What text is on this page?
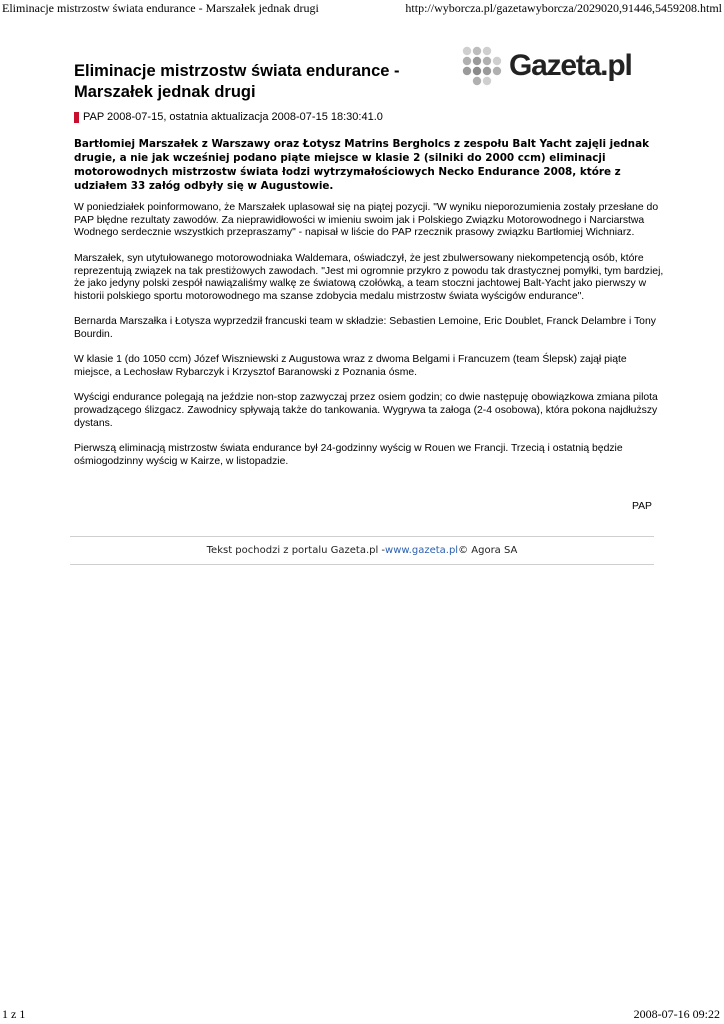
Eliminacje mistrzostw świata endurance - Marszałek jednak drugi	http://wyborcza.pl/gazetawyborcza/2029020,91446,5459208.html
Eliminacje mistrzostw świata endurance - Marszałek jednak drugi
Gazeta.pl
PAP 2008-07-15, ostatnia aktualizacja 2008-07-15 18:30:41.0

Bartłomiej Marszałek z Warszawy oraz Łotysz Matrins Bergholcs z zespołu Balt Yacht zajęli jednak drugie, a nie jak wcześniej podano piąte miejsce w klasie 2 (silniki do 2000 ccm) eliminacji motorowodnych mistrzostw świata łodzi wytrzymałościowych Necko Endurance 2008, które z udziałem 33 załóg odbyły się w Augustowie.

W poniedziałek poinformowano, że Marszałek uplasował się na piątej pozycji. "W wyniku nieporozumienia zostały przesłane do PAP błędne rezultaty zawodów. Za nieprawidłowości w imieniu swoim jak i Polskiego Związku Motorowodnego i Narciarstwa Wodnego serdecznie wszystkich przepraszamy" - napisał w liście do PAP rzecznik prasowy związku Bartłomiej Wichniarz.

Marszałek, syn utytułowanego motorowodniaka Waldemara, oświadczył, że jest zbulwersowany niekompetencją osób, które reprezentują związek na tak prestiżowych zawodach. "Jest mi ogromnie przykro z powodu tak drastycznej pomyłki, tym bardziej, że jako jedyny polski zespół nawiązaliśmy walkę ze światową czołówką, a team stoczni jachtowej Balt-Yacht jako pierwszy w historii polskiego sportu motorowodnego ma szanse zdobycia medalu mistrzostw świata wyścigów endurance".

Bernarda Marszałka i Łotysza wyprzedził francuski team w składzie: Sebastien Lemoine, Eric Doublet, Franck Delambre i Tony Bourdin.

W klasie 1 (do 1050 ccm) Józef Wiszniewski z Augustowa wraz z dwoma Belgami i Francuzem (team Ślepsk) zajął piąte miejsce, a Lechosław Rybarczyk i Krzysztof Baranowski z Poznania ósme.

Wyścigi endurance polegają na jeździe non-stop zazwyczaj przez osiem godzin; co dwie następuję obowiązkowa zmiana pilota prowadzącego ślizgacz. Zawodnicy spływają także do tankowania. Wygrywa ta załoga (2-4 osobowa), która pokona najdłuższy dystans.

Pierwszą eliminacją mistrzostw świata endurance był 24-godzinny wyścig w Rouen we Francji. Trzecią i ostatnią będzie ośmiogodzinny wyścig w Kairze, w listopadzie.

PAP
Tekst pochodzi z portalu Gazeta.pl - www.gazeta.pl © Agora SA
1 z 1	2008-07-16 09:22
